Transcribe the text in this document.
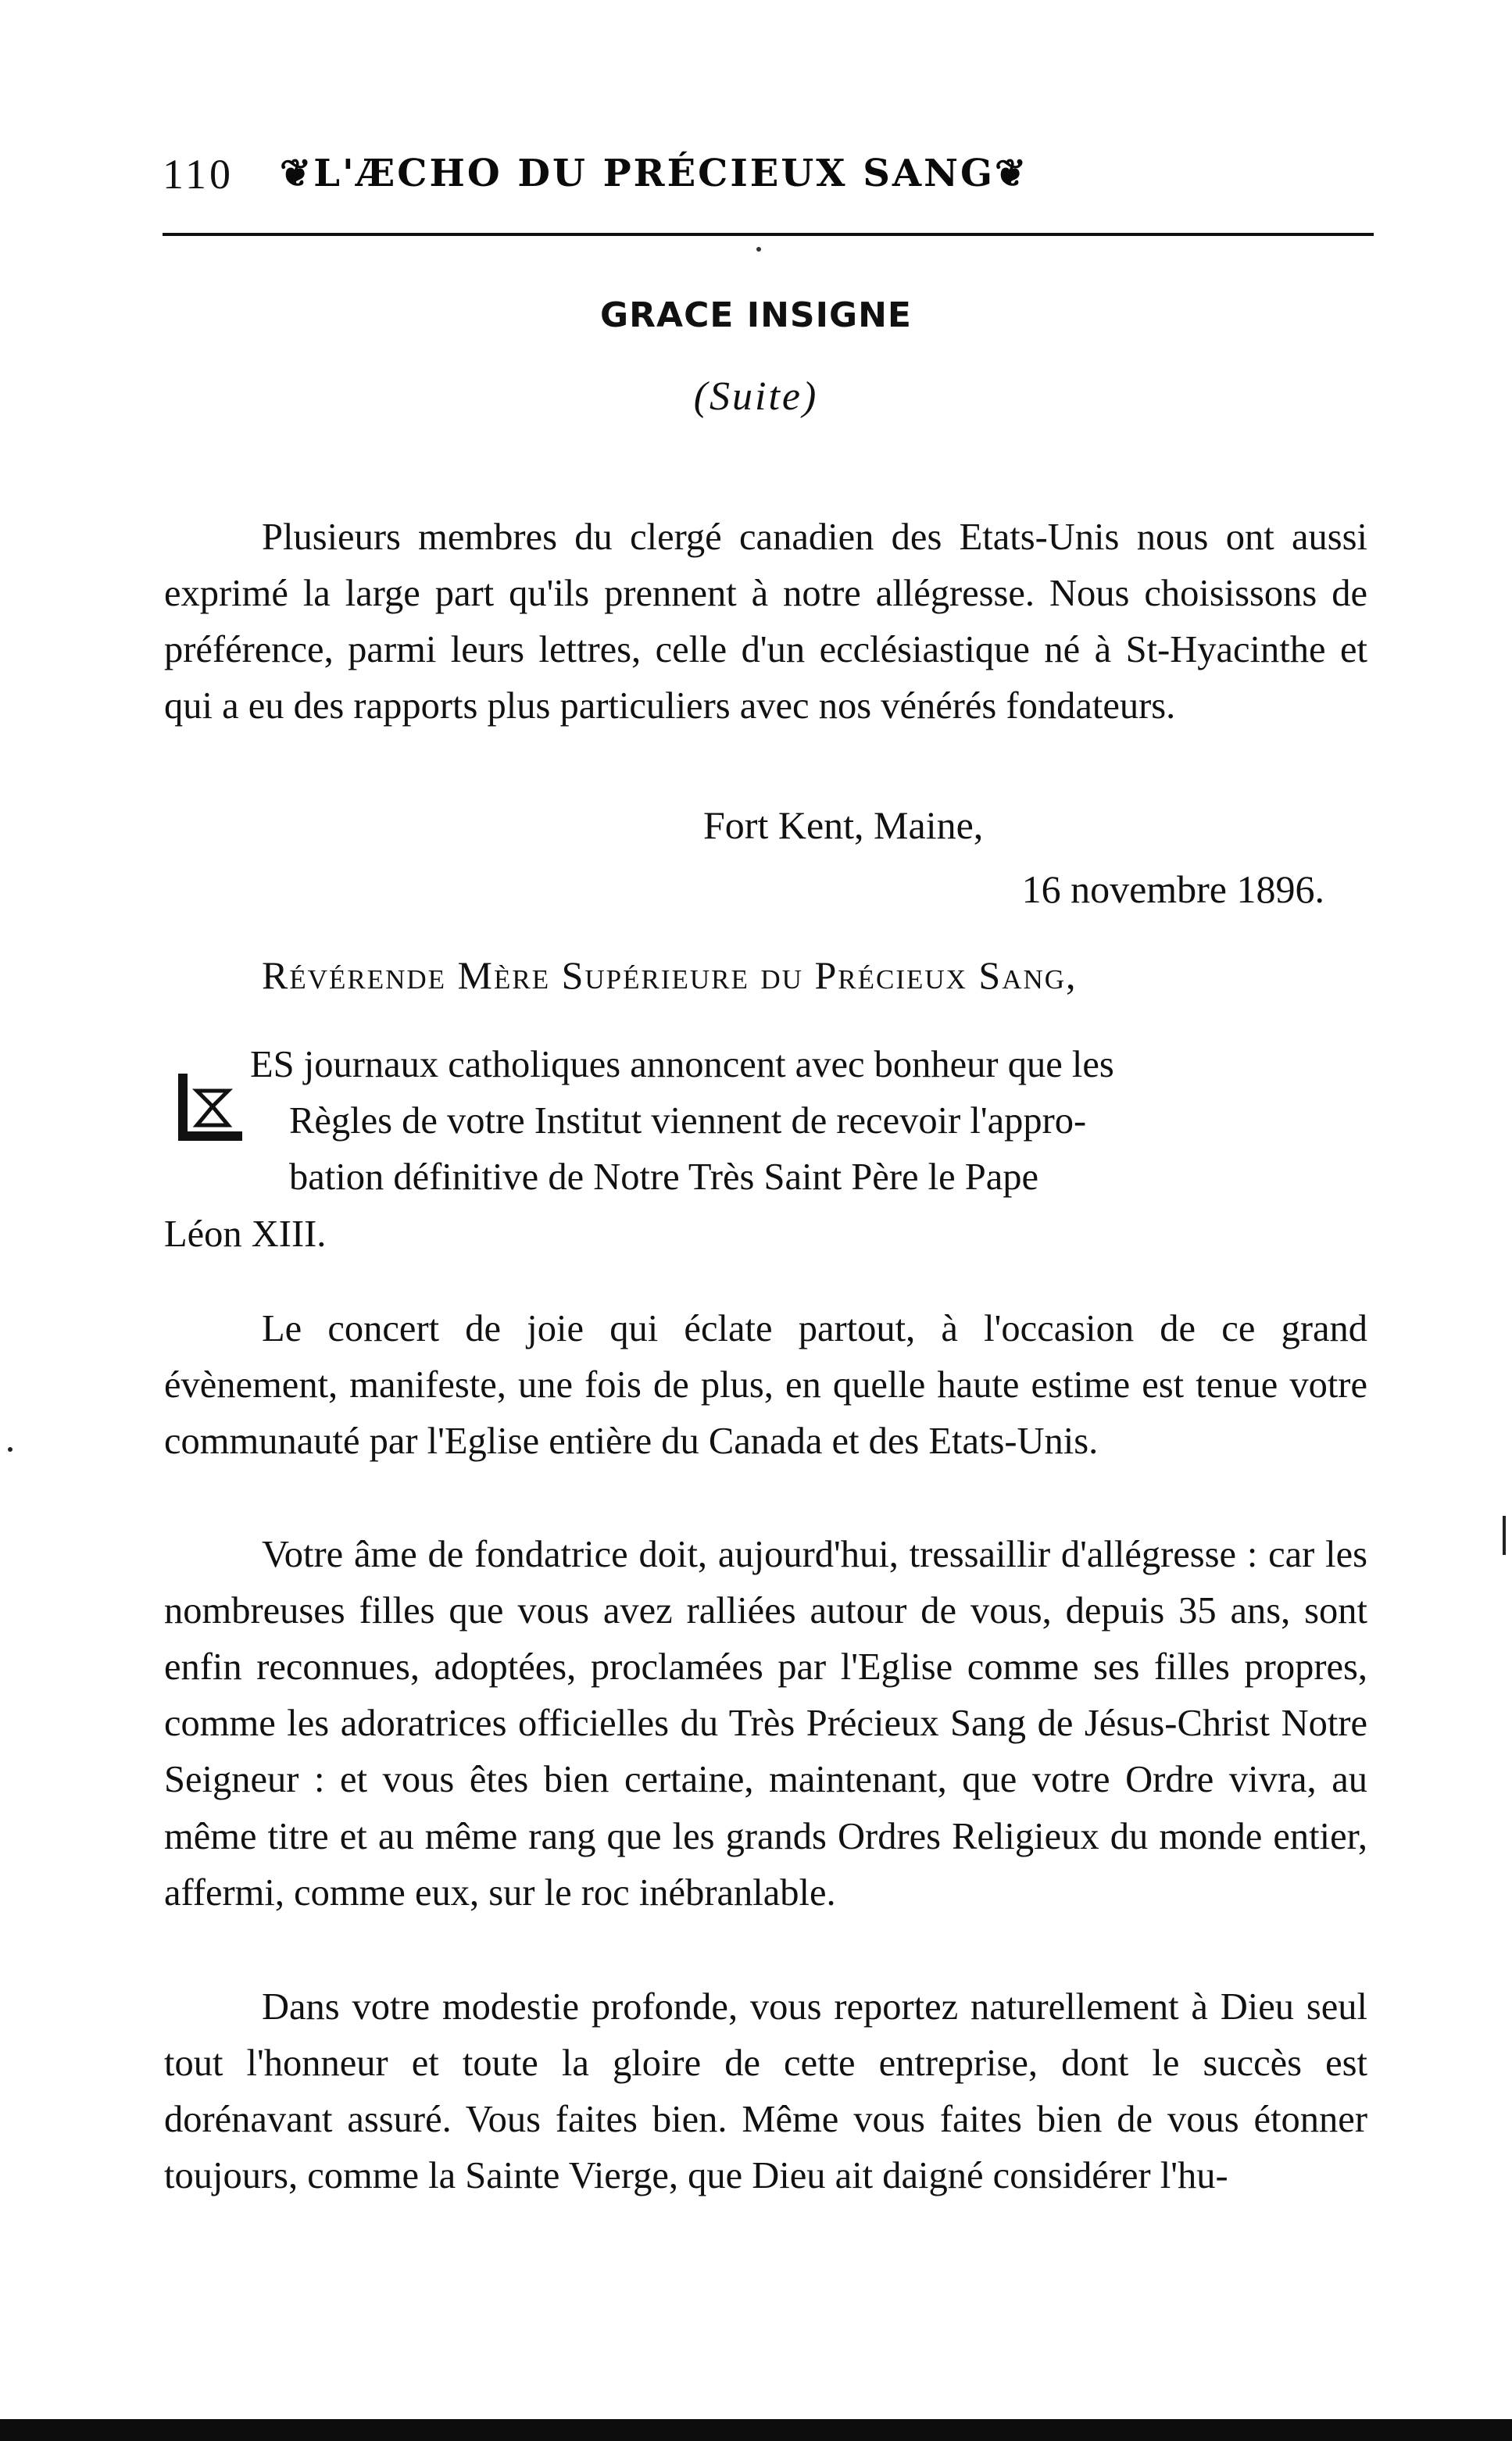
110 ❦L'ÆCHO DU PRÉCIEUX SANG❦
GRACE INSIGNE
(Suite)

Plusieurs membres du clergé canadien des Etats-Unis nous ont aussi exprimé la large part qu'ils prennent à notre allégresse. Nous choisissons de préférence, parmi leurs lettres, celle d'un ecclésiastique né à St-Hyacinthe et qui a eu des rapports plus particuliers avec nos vénérés fondateurs.

Fort Kent, Maine,
16 novembre 1896.
Révérende Mère Supérieure du Précieux Sang,
ES journaux catholiques annoncent avec bonheur que les
Règles de votre Institut viennent de recevoir l'appro-
bation définitive de Notre Très Saint Père le Pape
Léon XIII.

Le concert de joie qui éclate partout, à l'occasion de ce grand évènement, manifeste, une fois de plus, en quelle haute estime est tenue votre communauté par l'Eglise entière du Canada et des Etats-Unis.

Votre âme de fondatrice doit, aujourd'hui, tressaillir d'allégresse : car les nombreuses filles que vous avez ralliées autour de vous, depuis 35 ans, sont enfin reconnues, adoptées, proclamées par l'Eglise comme ses filles propres, comme les adoratrices officielles du Très Précieux Sang de Jésus-Christ Notre Seigneur : et vous êtes bien certaine, maintenant, que votre Ordre vivra, au même titre et au même rang que les grands Ordres Religieux du monde entier, affermi, comme eux, sur le roc inébranlable.

Dans votre modestie profonde, vous reportez naturellement à Dieu seul tout l'honneur et toute la gloire de cette entreprise, dont le succès est dorénavant assuré. Vous faites bien. Même vous faites bien de vous étonner toujours, comme la Sainte Vierge, que Dieu ait daigné considérer l'hu-
